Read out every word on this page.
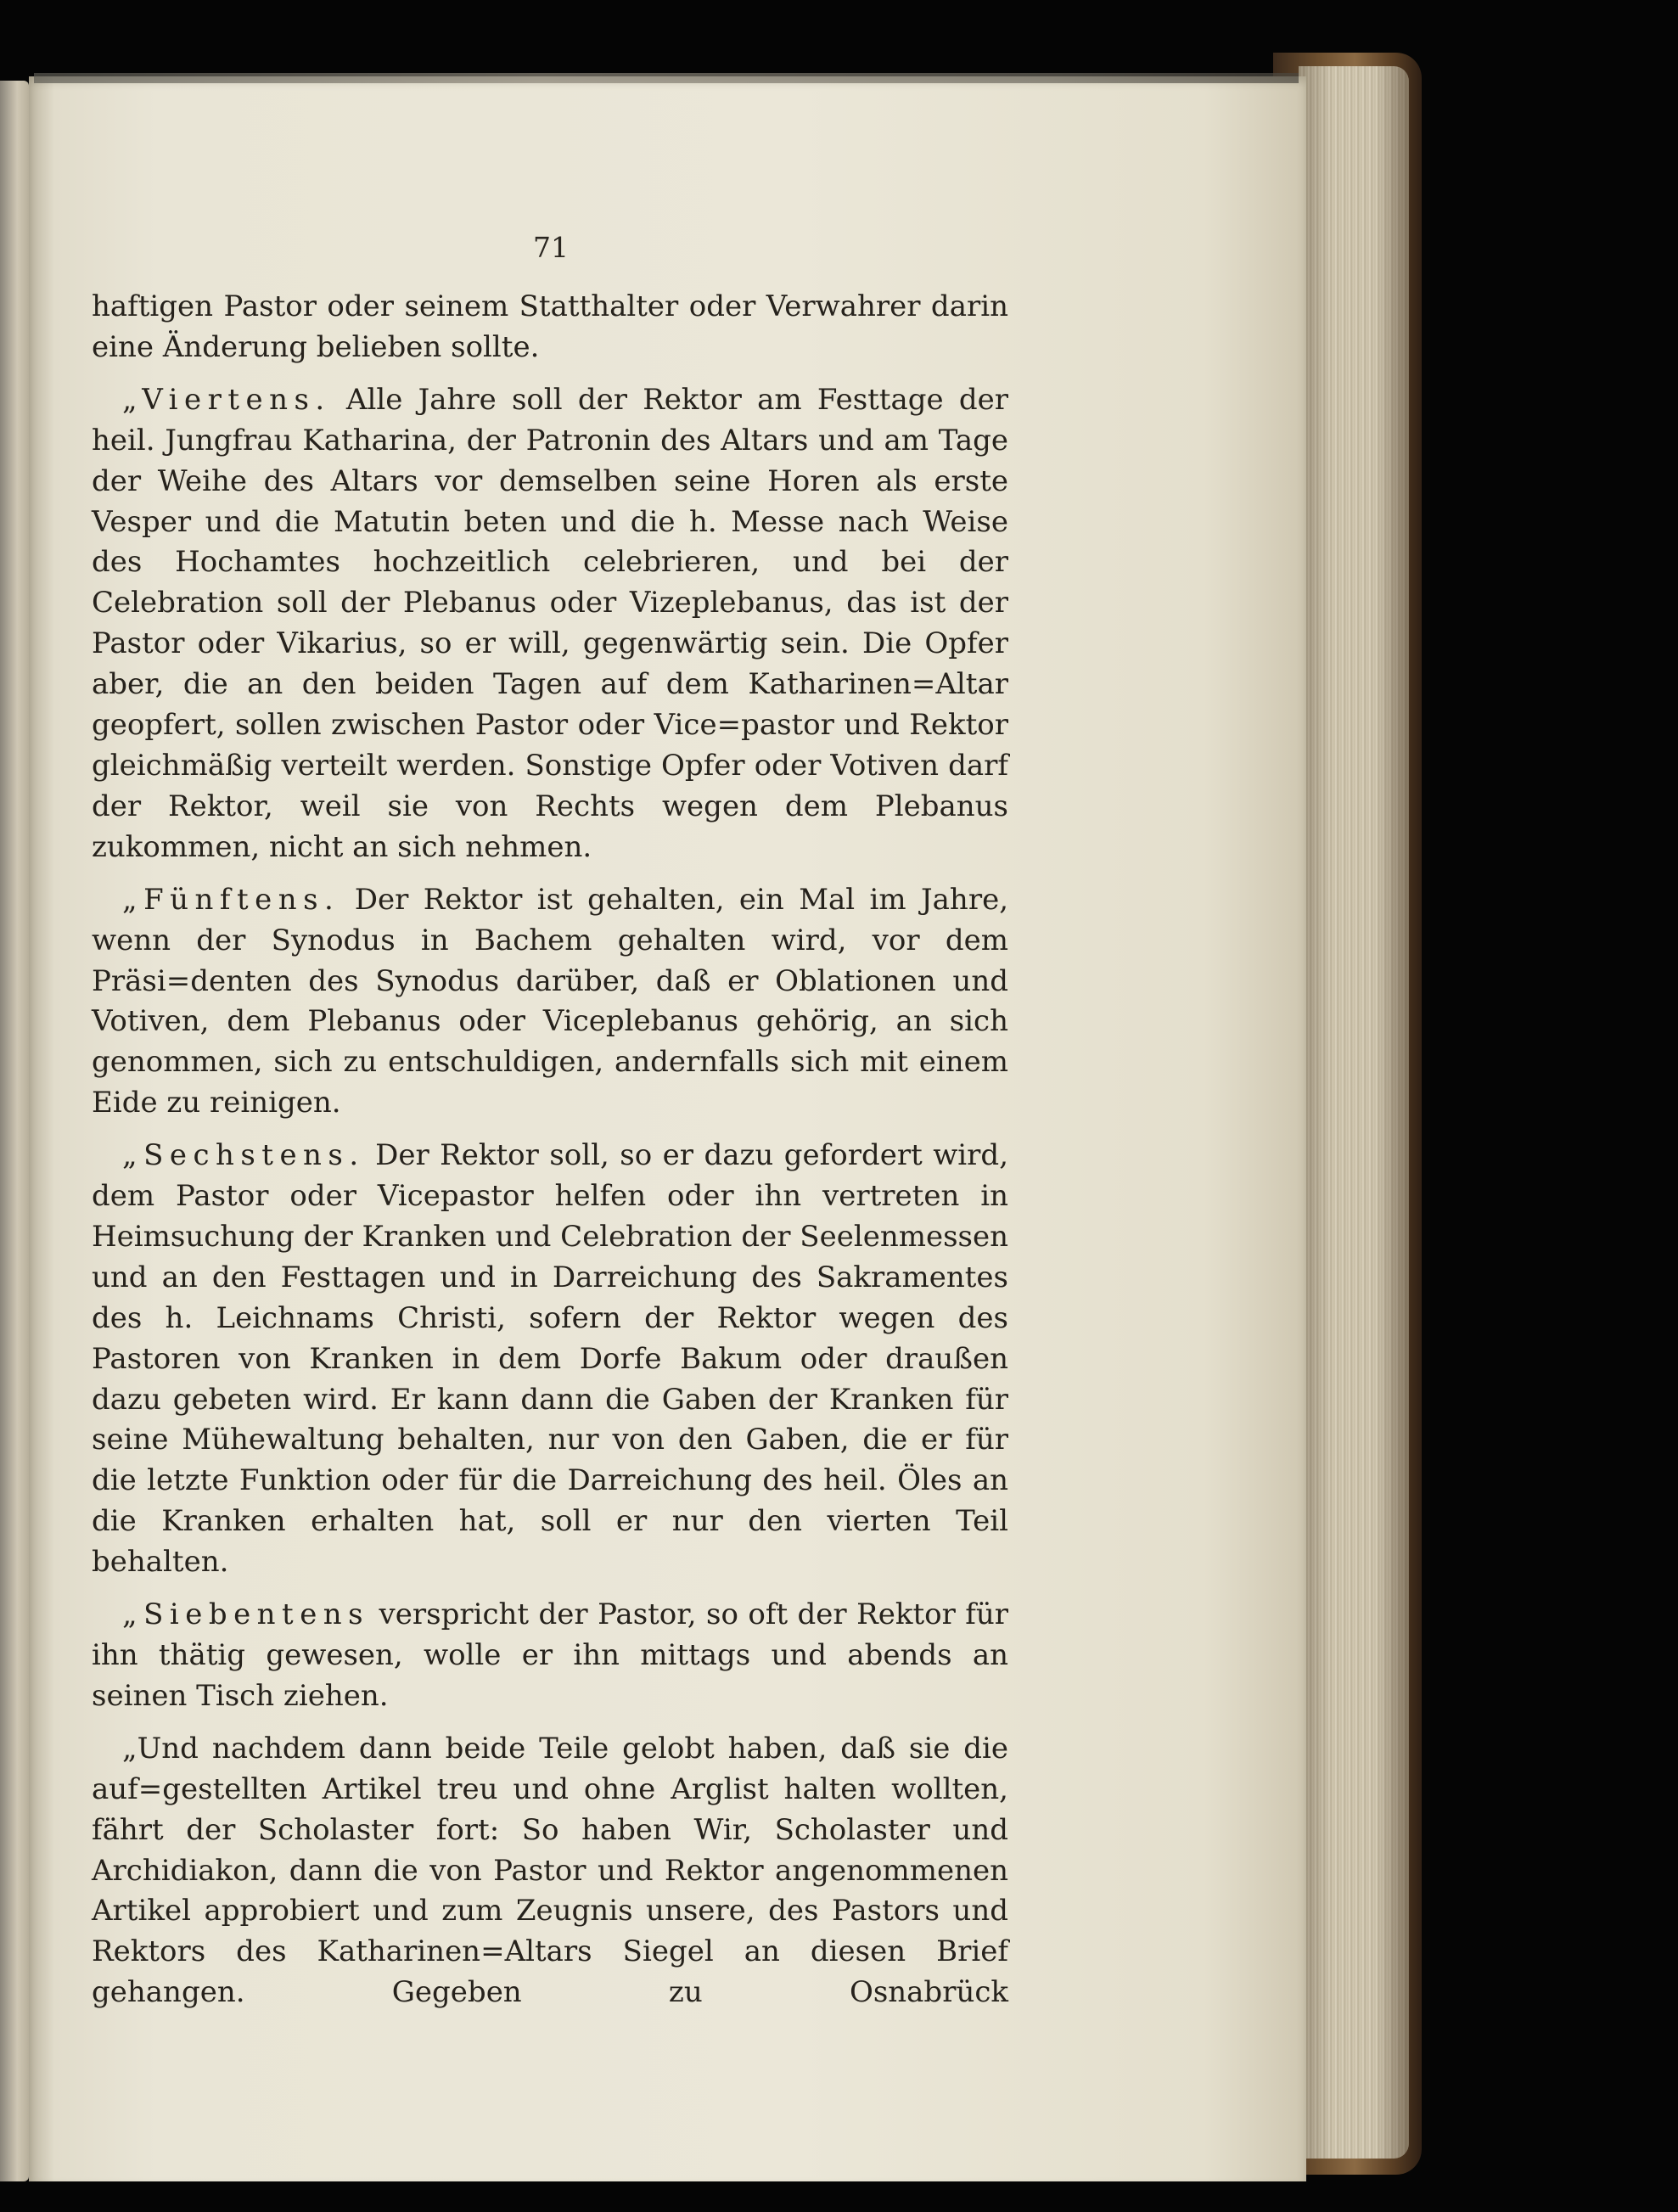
71

haftigen Pastor oder seinem Statthalter oder Verwahrer darin eine Änderung belieben sollte.

„Viertens. Alle Jahre soll der Rektor am Festtage der heil. Jungfrau Katharina, der Patronin des Altars und am Tage der Weihe des Altars vor demselben seine Horen als erste Vesper und die Matutin beten und die h. Messe nach Weise des Hochamtes hochzeitlich celebrieren, und bei der Celebration soll der Plebanus oder Vizeplebanus, das ist der Pastor oder Vikarius, so er will, gegenwärtig sein. Die Opfer aber, die an den beiden Tagen auf dem Katharinen=Altar geopfert, sollen zwischen Pastor oder Vice=pastor und Rektor gleichmäßig verteilt werden. Sonstige Opfer oder Votiven darf der Rektor, weil sie von Rechts wegen dem Plebanus zukommen, nicht an sich nehmen.

„Fünftens. Der Rektor ist gehalten, ein Mal im Jahre, wenn der Synodus in Bachem gehalten wird, vor dem Präsi=denten des Synodus darüber, daß er Oblationen und Votiven, dem Plebanus oder Viceplebanus gehörig, an sich genommen, sich zu entschuldigen, andernfalls sich mit einem Eide zu reinigen.

„Sechstens. Der Rektor soll, so er dazu gefordert wird, dem Pastor oder Vicepastor helfen oder ihn vertreten in Heimsuchung der Kranken und Celebration der Seelenmessen und an den Festtagen und in Darreichung des Sakramentes des h. Leichnams Christi, sofern der Rektor wegen des Pastoren von Kranken in dem Dorfe Bakum oder draußen dazu gebeten wird. Er kann dann die Gaben der Kranken für seine Mühewaltung behalten, nur von den Gaben, die er für die letzte Funktion oder für die Darreichung des heil. Öles an die Kranken erhalten hat, soll er nur den vierten Teil behalten.

„Siebentens verspricht der Pastor, so oft der Rektor für ihn thätig gewesen, wolle er ihn mittags und abends an seinen Tisch ziehen.

„Und nachdem dann beide Teile gelobt haben, daß sie die auf=gestellten Artikel treu und ohne Arglist halten wollten, fährt der Scholaster fort: So haben Wir, Scholaster und Archidiakon, dann die von Pastor und Rektor angenommenen Artikel approbiert und zum Zeugnis unsere, des Pastors und Rektors des Katharinen=Altars Siegel an diesen Brief gehangen. Gegeben zu Osnabrück
